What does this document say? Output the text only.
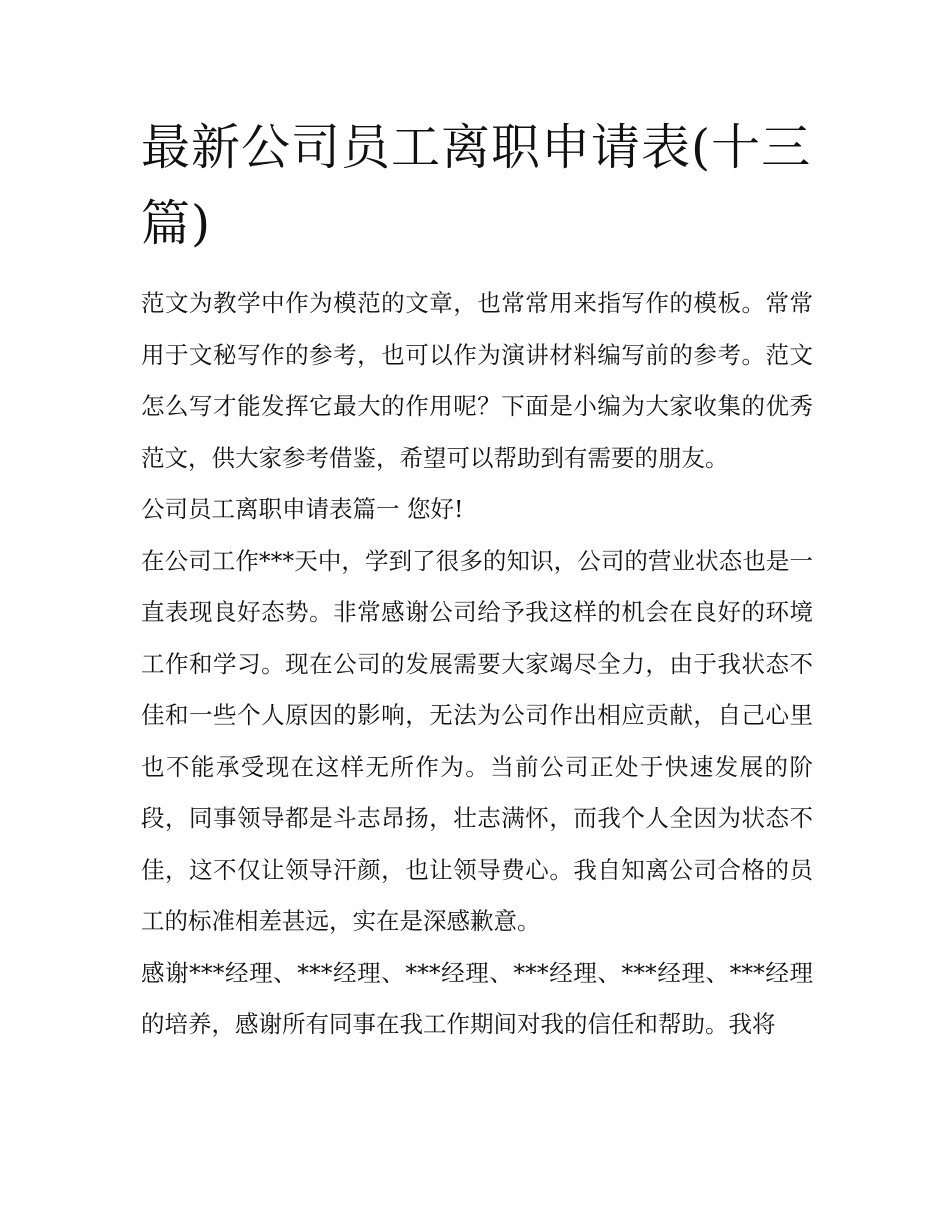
最新公司员工离职申请表(十三篇)

范文为教学中作为模范的文章，也常常用来指写作的模板。常常用于文秘写作的参考，也可以作为演讲材料编写前的参考。范文怎么写才能发挥它最大的作用呢？下面是小编为大家收集的优秀范文，供大家参考借鉴，希望可以帮助到有需要的朋友。

公司员工离职申请表篇一 您好!

在公司工作***天中，学到了很多的知识，公司的营业状态也是一直表现良好态势。非常感谢公司给予我这样的机会在良好的环境工作和学习。现在公司的发展需要大家竭尽全力，由于我状态不佳和一些个人原因的影响，无法为公司作出相应贡献，自己心里也不能承受现在这样无所作为。当前公司正处于快速发展的阶段，同事领导都是斗志昂扬，壮志满怀，而我个人全因为状态不佳，这不仅让领导汗颜，也让领导费心。我自知离公司合格的员工的标准相差甚远，实在是深感歉意。

感谢***经理、***经理、***经理、***经理、***经理、***经理的培养，感谢所有同事在我工作期间对我的信任和帮助。我将
